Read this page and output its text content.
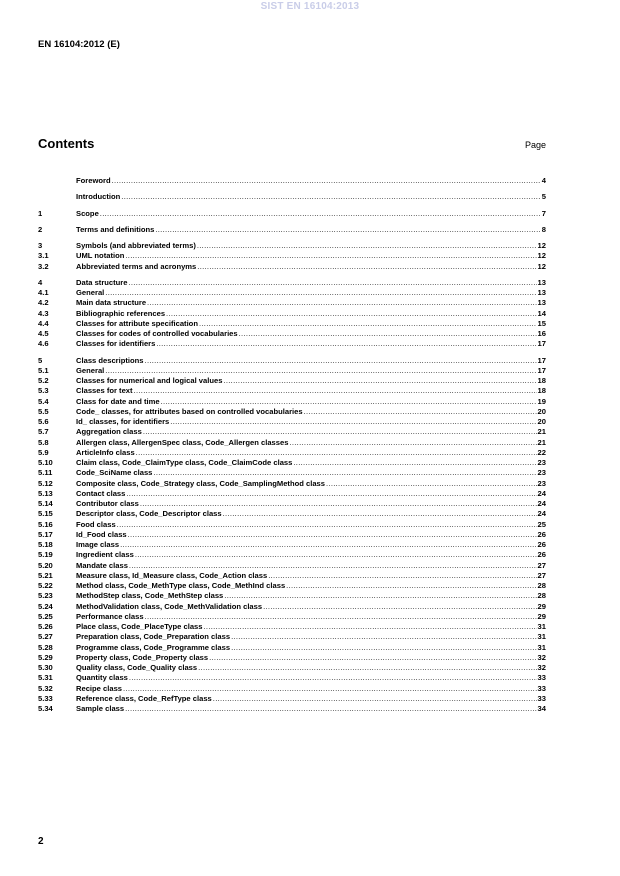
SIST EN 16104:2013
EN 16104:2012 (E)
Contents	Page
Foreword .....	4
Introduction .....	5
1	Scope .....	7
2	Terms and definitions .....	8
3	Symbols (and abbreviated terms) .....	12
3.1	UML notation .....	12
3.2	Abbreviated terms and acronyms .....	12
4	Data structure .....	13
4.1	General .....	13
4.2	Main data structure .....	13
4.3	Bibliographic references .....	14
4.4	Classes for attribute specification .....	15
4.5	Classes for codes of controlled vocabularies .....	16
4.6	Classes for identifiers .....	17
5	Class descriptions .....	17
5.1	General .....	17
5.2	Classes for numerical and logical values .....	18
5.3	Classes for text .....	18
5.4	Class for date and time .....	19
5.5	Code_ classes, for attributes based on controlled vocabularies .....	20
5.6	Id_ classes, for identifiers .....	20
5.7	Aggregation class .....	21
5.8	Allergen class, AllergenSpec class, Code_Allergen classes .....	21
5.9	ArticleInfo class .....	22
5.10	Claim class, Code_ClaimType class, Code_ClaimCode class .....	23
5.11	Code_SciName class .....	23
5.12	Composite class, Code_Strategy class, Code_SamplingMethod class .....	23
5.13	Contact class .....	24
5.14	Contributor class .....	24
5.15	Descriptor class, Code_Descriptor class .....	24
5.16	Food class .....	25
5.17	Id_Food class .....	26
5.18	Image class .....	26
5.19	Ingredient class .....	26
5.20	Mandate class .....	27
5.21	Measure class, Id_Measure class, Code_Action class .....	27
5.22	Method class, Code_MethType class, Code_MethInd class .....	28
5.23	MethodStep class, Code_MethStep class .....	28
5.24	MethodValidation class, Code_MethValidation class .....	29
5.25	Performance class .....	29
5.26	Place class, Code_PlaceType class .....	31
5.27	Preparation class, Code_Preparation class .....	31
5.28	Programme class, Code_Programme class .....	31
5.29	Property class, Code_Property class .....	32
5.30	Quality class, Code_Quality class .....	32
5.31	Quantity class .....	33
5.32	Recipe class .....	33
5.33	Reference class, Code_RefType class .....	33
5.34	Sample class .....	34
2
